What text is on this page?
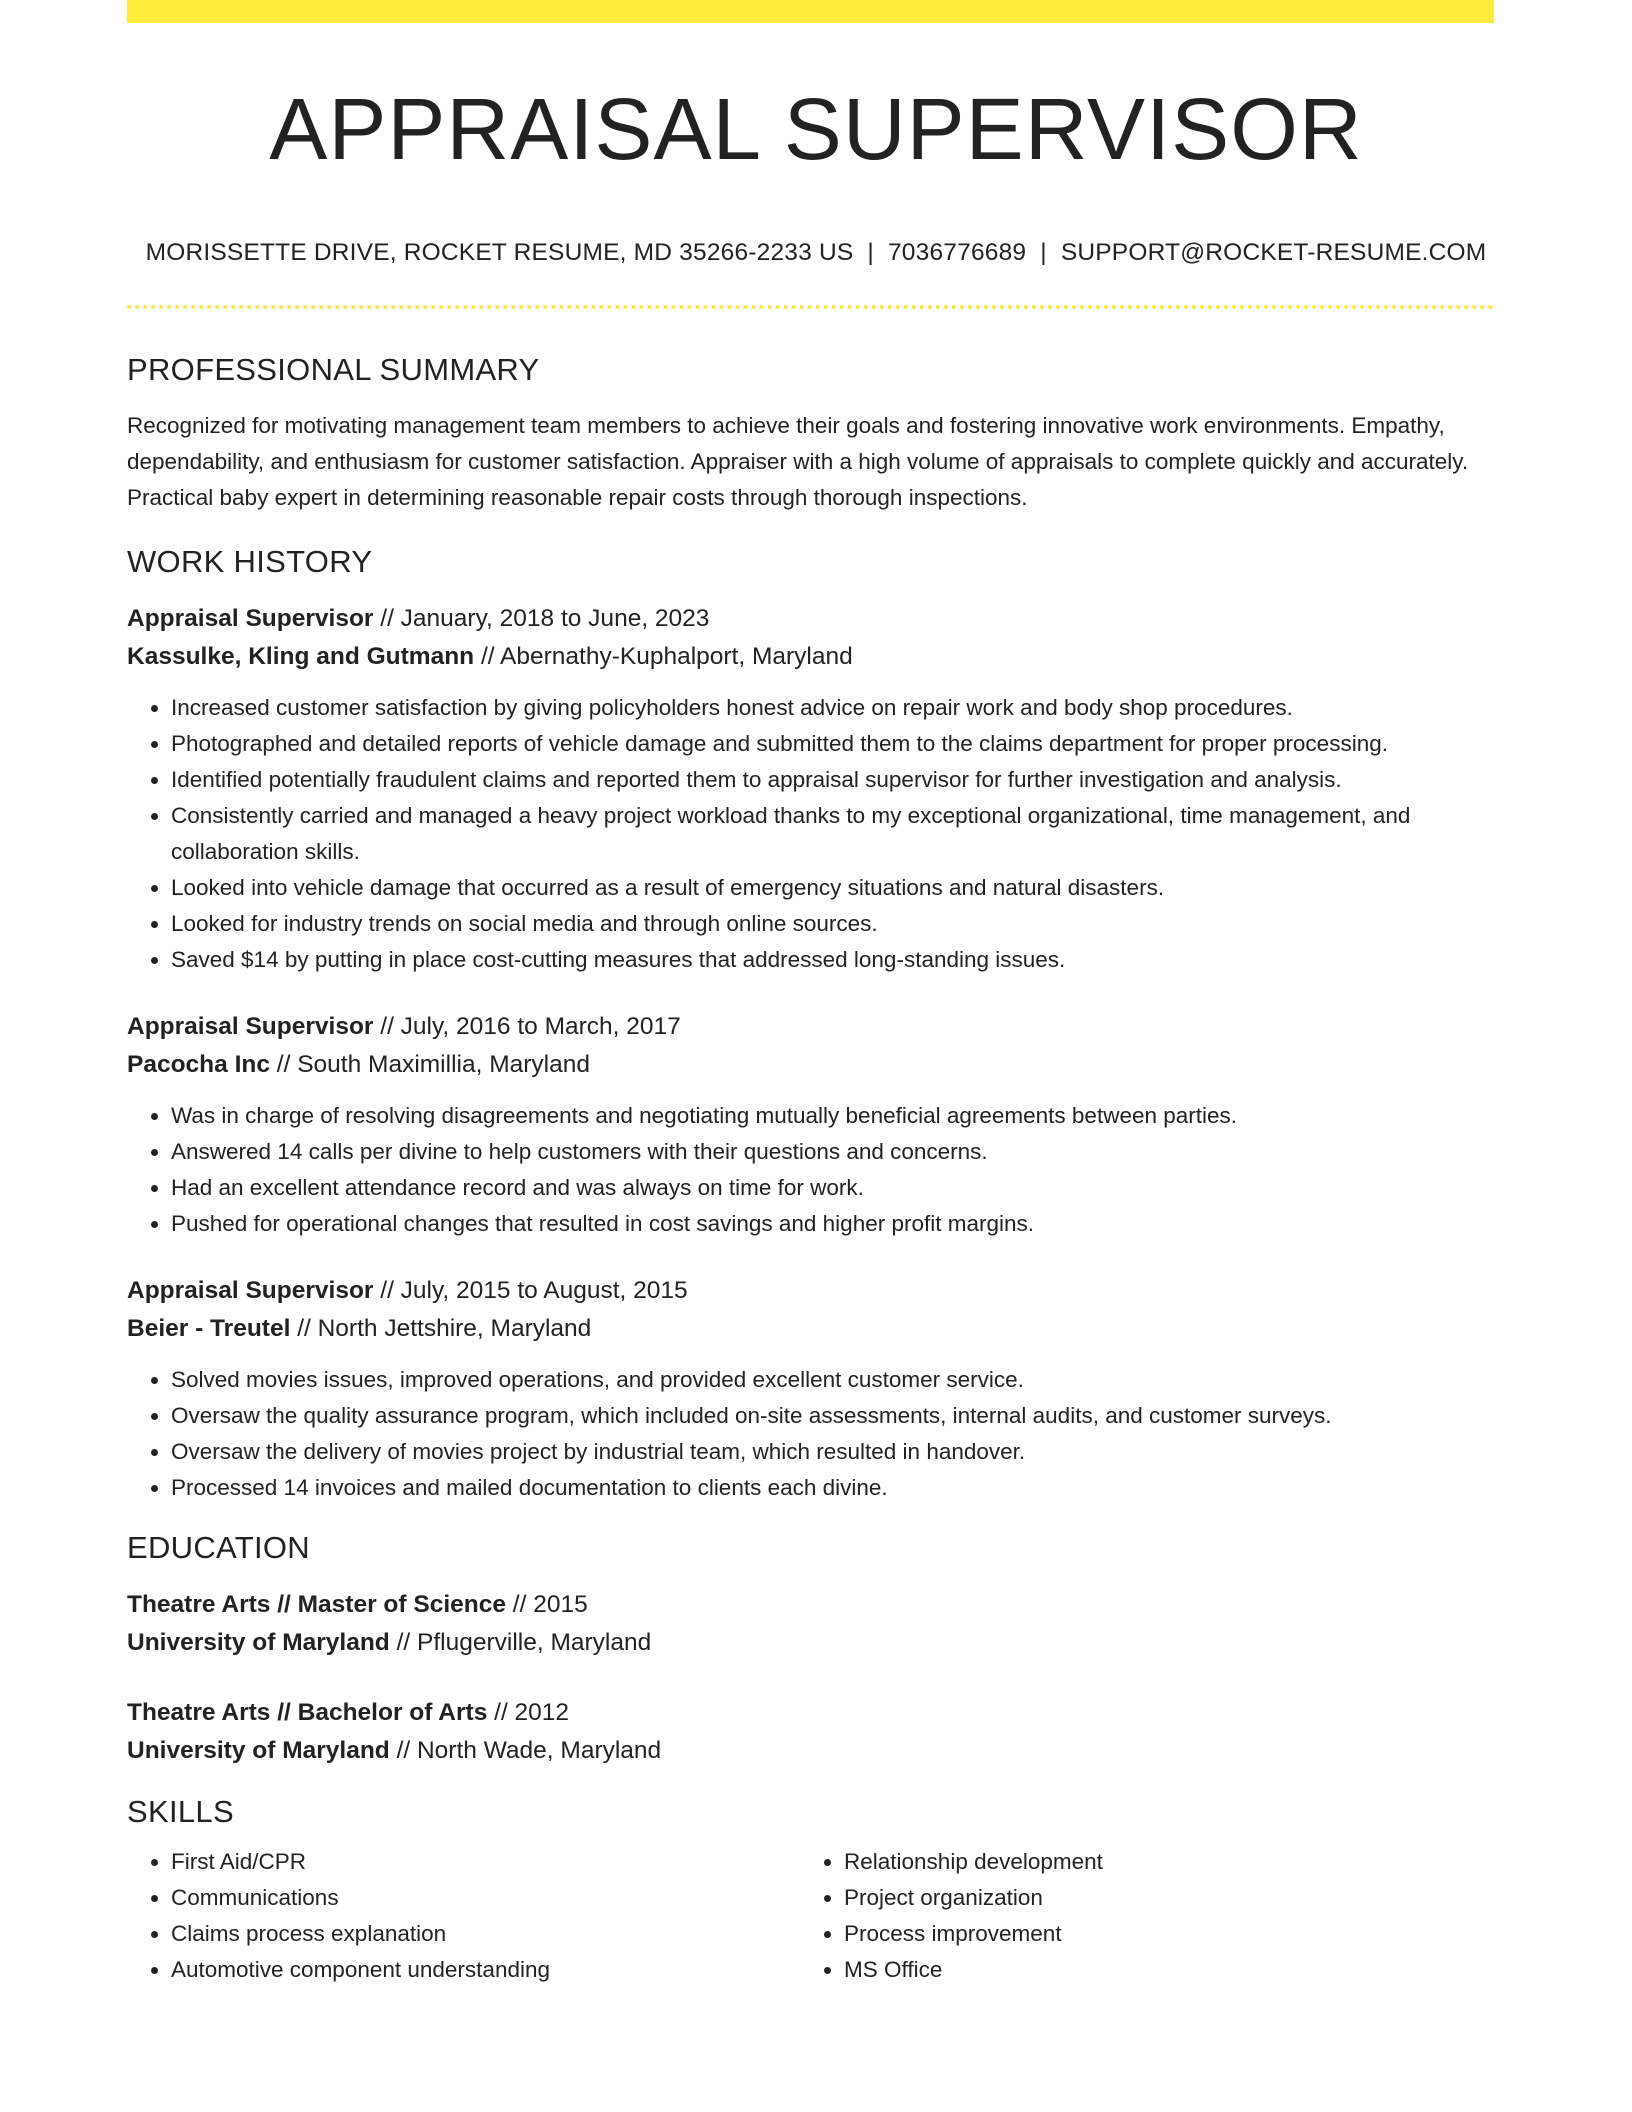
APPRAISAL SUPERVISOR
MORISSETTE DRIVE, ROCKET RESUME, MD 35266-2233 US | 7036776689 | SUPPORT@ROCKET-RESUME.COM
PROFESSIONAL SUMMARY
Recognized for motivating management team members to achieve their goals and fostering innovative work environments. Empathy, dependability, and enthusiasm for customer satisfaction. Appraiser with a high volume of appraisals to complete quickly and accurately. Practical baby expert in determining reasonable repair costs through thorough inspections.
WORK HISTORY
Appraisal Supervisor // January, 2018 to June, 2023
Kassulke, Kling and Gutmann // Abernathy-Kuphalport, Maryland
• Increased customer satisfaction by giving policyholders honest advice on repair work and body shop procedures.
• Photographed and detailed reports of vehicle damage and submitted them to the claims department for proper processing.
• Identified potentially fraudulent claims and reported them to appraisal supervisor for further investigation and analysis.
• Consistently carried and managed a heavy project workload thanks to my exceptional organizational, time management, and collaboration skills.
• Looked into vehicle damage that occurred as a result of emergency situations and natural disasters.
• Looked for industry trends on social media and through online sources.
• Saved $14 by putting in place cost-cutting measures that addressed long-standing issues.
Appraisal Supervisor // July, 2016 to March, 2017
Pacocha Inc // South Maximillia, Maryland
• Was in charge of resolving disagreements and negotiating mutually beneficial agreements between parties.
• Answered 14 calls per divine to help customers with their questions and concerns.
• Had an excellent attendance record and was always on time for work.
• Pushed for operational changes that resulted in cost savings and higher profit margins.
Appraisal Supervisor // July, 2015 to August, 2015
Beier - Treutel // North Jettshire, Maryland
• Solved movies issues, improved operations, and provided excellent customer service.
• Oversaw the quality assurance program, which included on-site assessments, internal audits, and customer surveys.
• Oversaw the delivery of movies project by industrial team, which resulted in handover.
• Processed 14 invoices and mailed documentation to clients each divine.
EDUCATION
Theatre Arts // Master of Science // 2015
University of Maryland // Pflugerville, Maryland
Theatre Arts // Bachelor of Arts // 2012
University of Maryland // North Wade, Maryland
SKILLS
• First Aid/CPR
• Communications
• Claims process explanation
• Automotive component understanding
• Relationship development
• Project organization
• Process improvement
• MS Office
